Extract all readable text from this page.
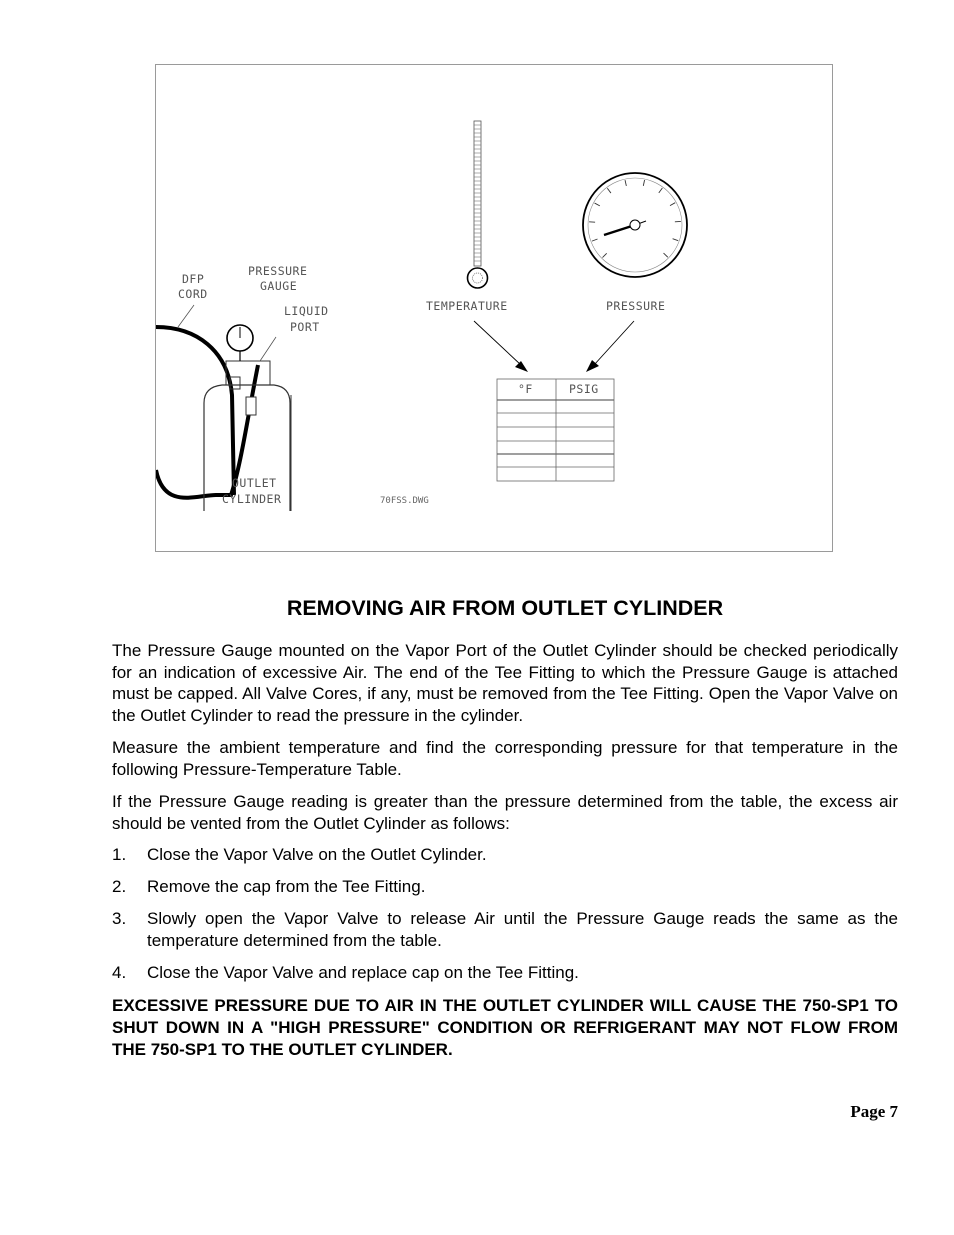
DFP
CORD
PRESSURE
GAUGE
LIQUID
PORT
OUTLET
CYLINDER
TEMPERATURE	PRESSURE
°F	PSIG
70FSS.DWG
REMOVING AIR FROM OUTLET CYLINDER

The Pressure Gauge mounted on the Vapor Port of the Outlet Cylinder should be checked periodically for an indication of excessive Air. The end of the Tee Fitting to which the Pressure Gauge is attached must be capped. All Valve Cores, if any, must be removed from the Tee Fitting. Open the Vapor Valve on the Outlet Cylinder to read the pressure in the cylinder.

Measure the ambient temperature and find the corresponding pressure for that temperature in the following Pressure-Temperature Table.

If the Pressure Gauge reading is greater than the pressure determined from the table, the excess air should be vented from the Outlet Cylinder as follows:

1. Close the Vapor Valve on the Outlet Cylinder.
2. Remove the cap from the Tee Fitting.
3. Slowly open the Vapor Valve to release Air until the Pressure Gauge reads the same as the temperature determined from the table.
4. Close the Vapor Valve and replace cap on the Tee Fitting.

EXCESSIVE PRESSURE DUE TO AIR IN THE OUTLET CYLINDER WILL CAUSE THE 750-SP1 TO SHUT DOWN IN A "HIGH PRESSURE" CONDITION OR REFRIGERANT MAY NOT FLOW FROM THE 750-SP1 TO THE OUTLET CYLINDER.

Page 7
